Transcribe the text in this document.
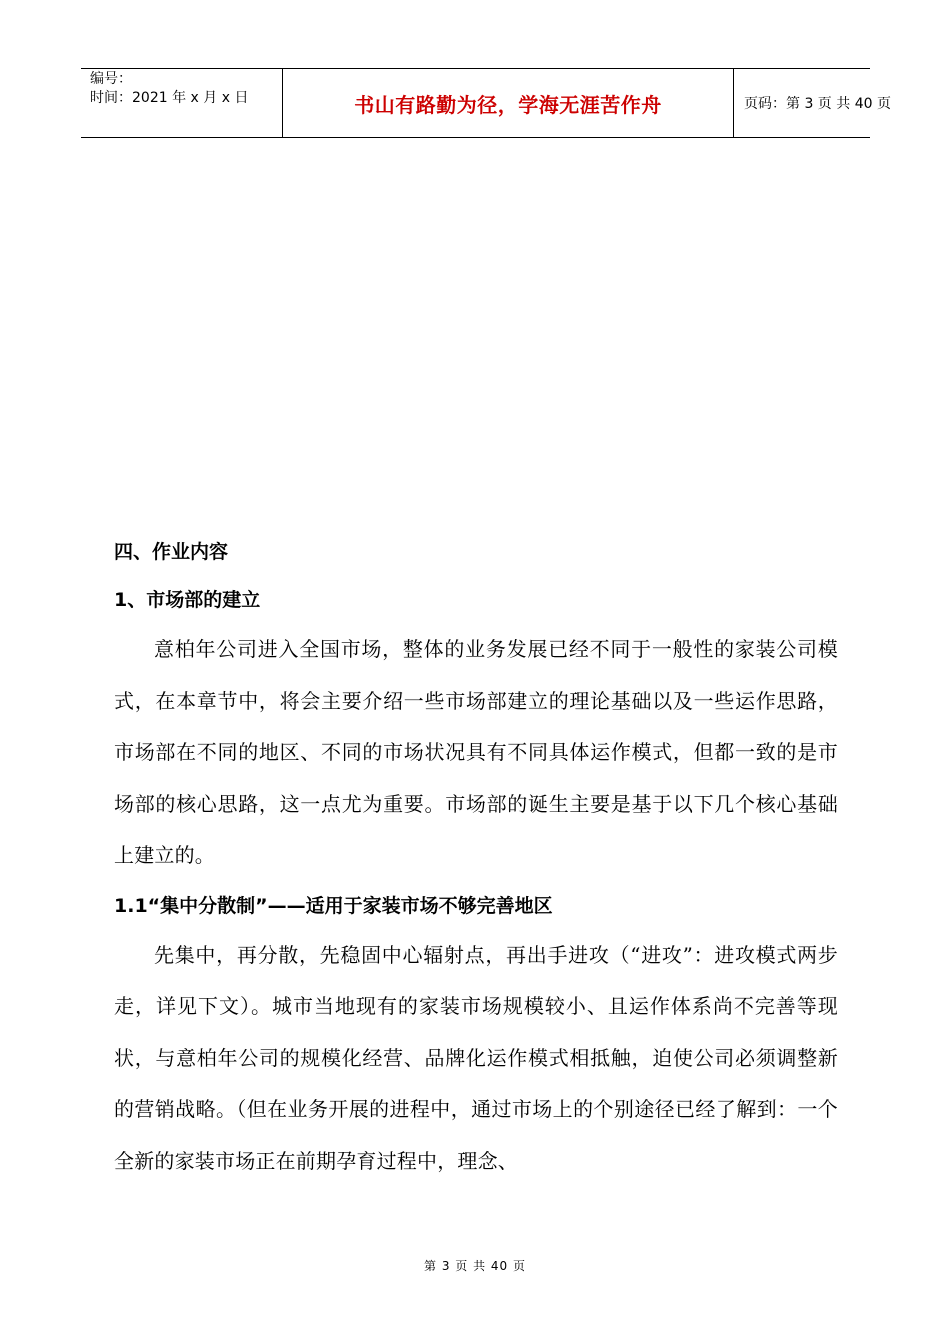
编号：
时间：2021 年 x 月 x 日	书山有路勤为径，学海无涯苦作舟	页码：第 3 页 共 40 页

四、作业内容

1、市场部的建立

意柏年公司进入全国市场，整体的业务发展已经不同于一般性的家装公司模式，在本章节中，将会主要介绍一些市场部建立的理论基础以及一些运作思路，市场部在不同的地区、不同的市场状况具有不同具体运作模式，但都一致的是市场部的核心思路，这一点尤为重要。市场部的诞生主要是基于以下几个核心基础上建立的。

1.1“集中分散制”——适用于家装市场不够完善地区

先集中，再分散，先稳固中心辐射点，再出手进攻（“进攻”：进攻模式两步走，详见下文）。城市当地现有的家装市场规模较小、且运作体系尚不完善等现状，与意柏年公司的规模化经营、品牌化运作模式相抵触，迫使公司必须调整新的营销战略。（但在业务开展的进程中，通过市场上的个别途径已经了解到：一个全新的家装市场正在前期孕育过程中，理念、

第 3 页 共 40 页
